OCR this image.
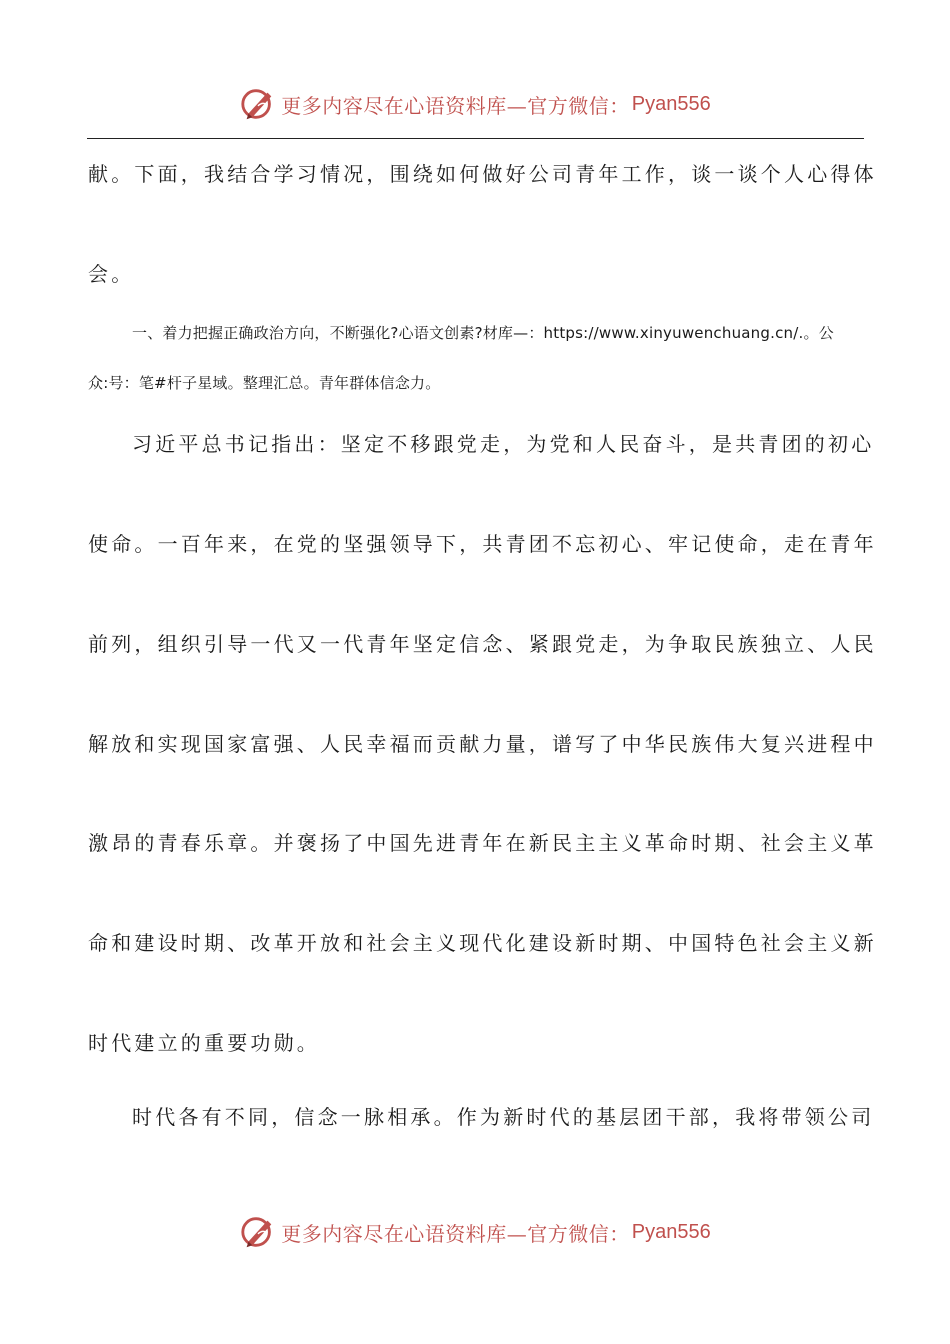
更多内容尽在心语资料库—官方微信： Pyan556
献。下面，我结合学习情况，围绕如何做好公司青年工作，谈一谈个人心得体
会。
一、着力把握正确政治方向，不断强化?心语文创素?材库—：https://www.xinyuwenchuang.cn/.。公
众:号：笔#杆子星域。整理汇总。青年群体信念力。
习近平总书记指出：坚定不移跟党走，为党和人民奋斗，是共青团的初心
使命。一百年来，在党的坚强领导下，共青团不忘初心、牢记使命，走在青年
前列，组织引导一代又一代青年坚定信念、紧跟党走，为争取民族独立、人民
解放和实现国家富强、人民幸福而贡献力量，谱写了中华民族伟大复兴进程中
激昂的青春乐章。并褒扬了中国先进青年在新民主主义革命时期、社会主义革
命和建设时期、改革开放和社会主义现代化建设新时期、中国特色社会主义新
时代建立的重要功勋。
时代各有不同，信念一脉相承。作为新时代的基层团干部，我将带领公司
更多内容尽在心语资料库—官方微信： Pyan556
